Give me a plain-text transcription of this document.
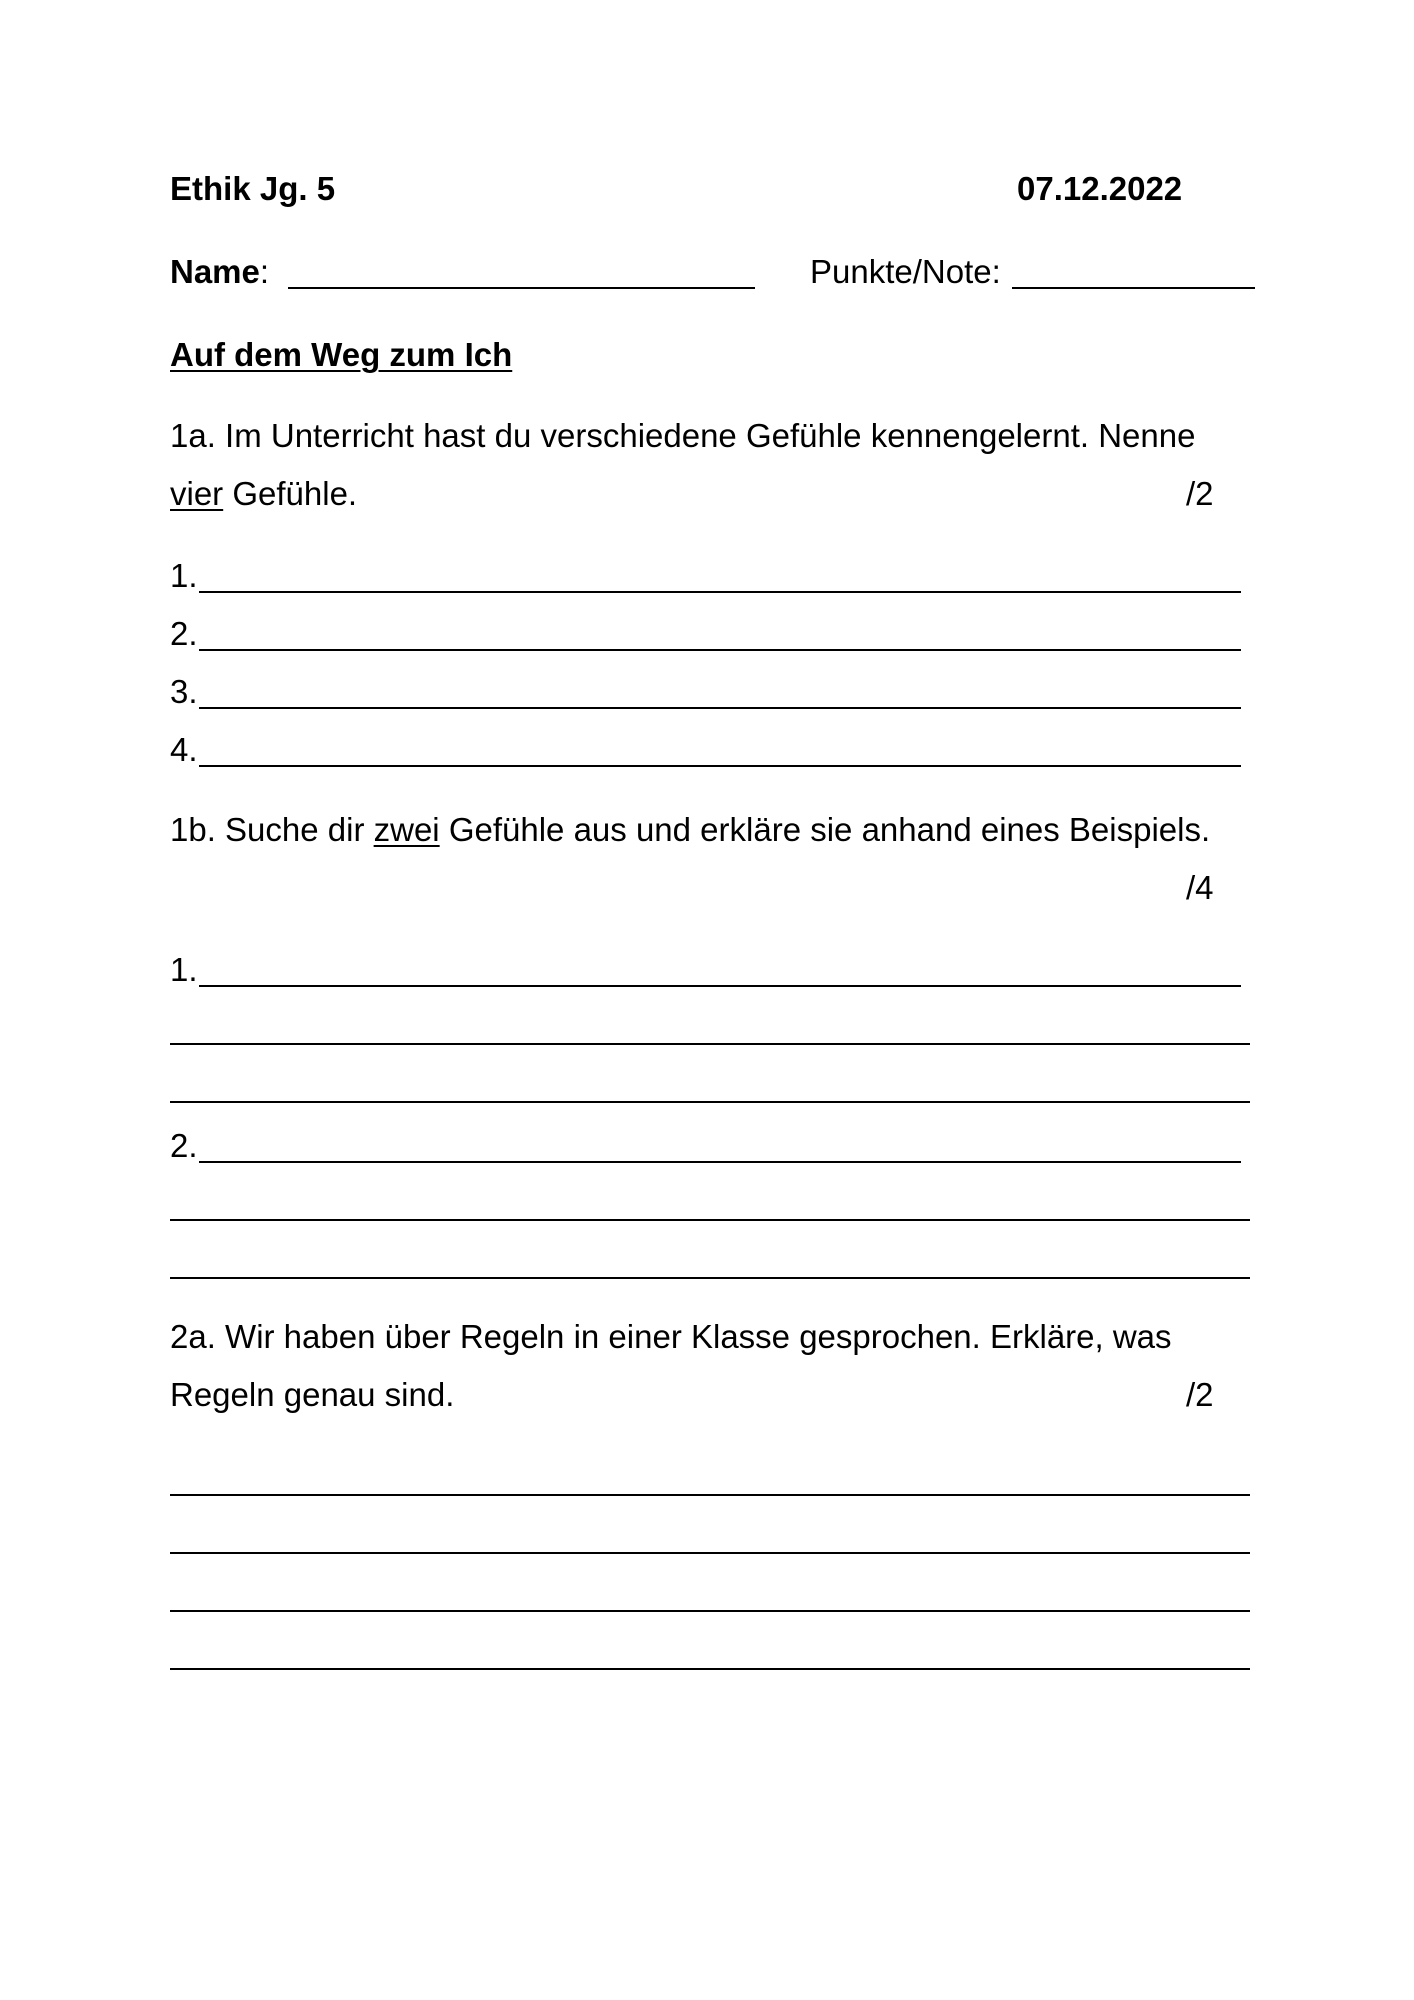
Ethik Jg. 5	07.12.2022
Name:	Punkte/Note:
Auf dem Weg zum Ich
1a. Im Unterricht hast du verschiedene Gefühle kennengelernt. Nenne
vier Gefühle.	/2
1.
2.
3.
4.
1b. Suche dir zwei Gefühle aus und erkläre sie anhand eines Beispiels.
/4
1.
2.
2a. Wir haben über Regeln in einer Klasse gesprochen. Erkläre, was
Regeln genau sind.	/2
